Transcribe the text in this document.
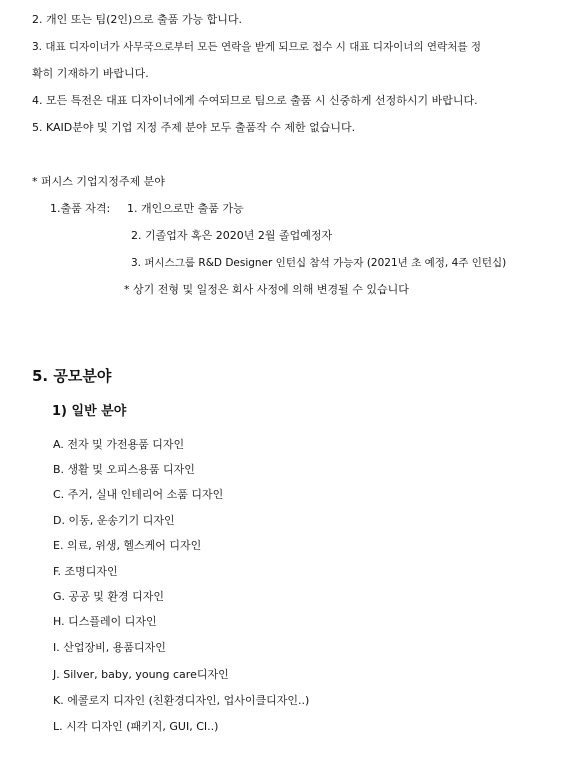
2. 개인 또는 팀(2인)으로 출품 가능 합니다.
3. 대표 디자이너가 사무국으로부터 모든 연락을 받게 되므로 접수 시 대표 디자이너의 연락처를 정
확히 기재하기 바랍니다.
4. 모든 특전은 대표 디자이너에게 수여되므로 팀으로 출품 시 신중하게 선정하시기 바랍니다.
5. KAID분야 및 기업 지정 주제 분야 모두 출품작 수 제한 없습니다.
* 퍼시스 기업지정주제 분야
1.출품 자격: 1. 개인으로만 출품 가능
2. 기졸업자 혹은 2020년 2월 졸업예정자
3. 퍼시스그룹 R&D Designer 인턴십 참석 가능자 (2021년 초 예정, 4주 인턴십)
* 상기 전형 및 일정은 회사 사정에 의해 변경될 수 있습니다
5. 공모분야
1) 일반 분야
A. 전자 및 가전용품 디자인
B. 생활 및 오피스용품 디자인
C. 주거, 실내 인테리어 소품 디자인
D. 이동, 운송기기 디자인
E. 의료, 위생, 헬스케어 디자인
F. 조명디자인
G. 공공 및 환경 디자인
H. 디스플레이 디자인
I. 산업장비, 용품디자인
J. Silver, baby, young care디자인
K. 에콜로지 디자인 (친환경디자인, 업사이클디자인..)
L. 시각 디자인 (패키지, GUI, CI..)
